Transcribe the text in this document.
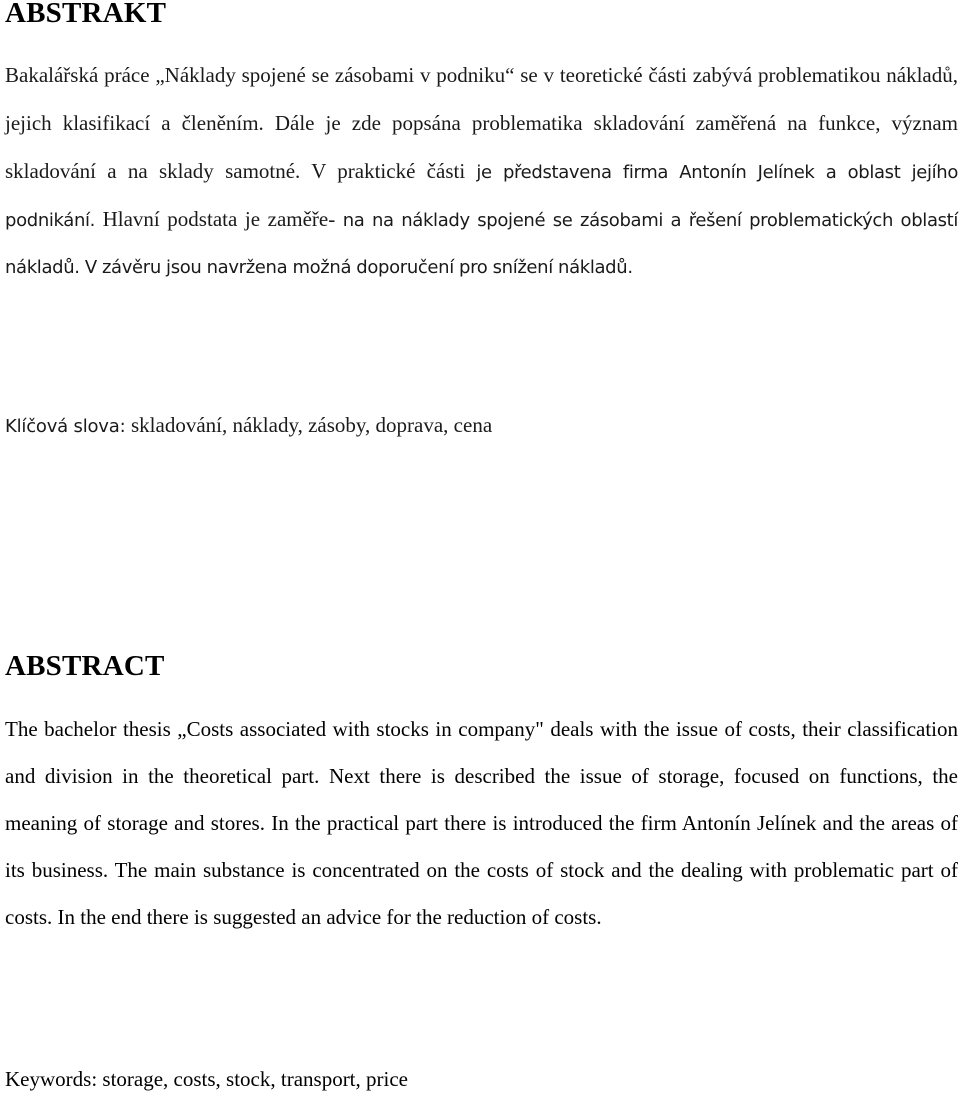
ABSTRAKT

Bakalářská práce „Náklady spojené se zásobami v podniku“ se v teoretické části zabývá problematikou nákladů, jejich klasifikací a členěním. Dále je zde popsána problematika skladování zaměřená na funkce, význam skladování a na sklady samotné. V praktické části je představena firma Antonín Jelínek a oblast jejího podnikání. Hlavní podstata je zaměře- na na náklady spojené se zásobami a řešení problematických oblastí nákladů. V závěru jsou navržena možná doporučení pro snížení nákladů.

Klíčová slova: skladování, náklady, zásoby, doprava, cena

ABSTRACT

The bachelor thesis „Costs associated with stocks in company" deals with the issue of costs, their classification and division in the theoretical part. Next there is described the issue of storage, focused on functions, the meaning of storage and stores. In the practical part there is introduced the firm Antonín Jelínek and the areas of its business. The main substance is concentrated on the costs of stock and the dealing with problematic part of costs. In the end there is suggested an advice for the reduction of costs.

Keywords: storage, costs, stock, transport, price
